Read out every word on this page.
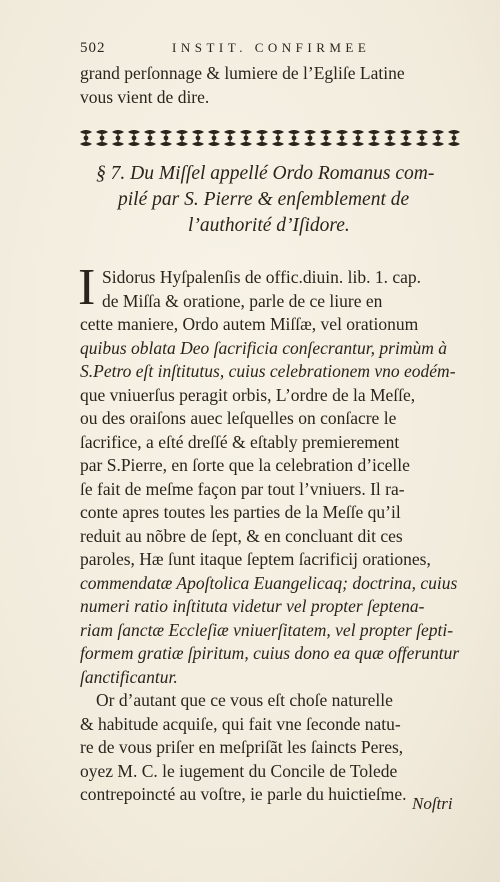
502	INSTIT. CONFIRMEE
grand perſonnage & lumiere de l’Egliſe Latine
vous vient de dire.
§ 7. Du Miſſel appellé Ordo Romanus com-
pilé par S. Pierre & enſemblement de
l’authorité d’Iſidore.
I Sidorus Hyſpalenſis de offic.diuin. lib. 1. cap.
de Miſſa & oratione, parle de ce liure en
cette maniere, Ordo autem Miſſæ, vel orationum
quibus oblata Deo ſacrificia conſecrantur, primùm à
S.Petro eſt inſtitutus, cuius celebrationem vno eodém-
que vniuerſus peragit orbis, L’ordre de la Meſſe,
ou des oraiſons auec leſquelles on conſacre le
ſacrifice, a eſté dreſſé & eſtably premierement
par S.Pierre, en ſorte que la celebration d’icelle
ſe fait de meſme façon par tout l’vniuers. Il ra-
conte apres toutes les parties de la Meſſe qu’il
reduit au nõbre de ſept, & en concluant dit ces
paroles, Hæ ſunt itaque ſeptem ſacrificij orationes,
commendatæ Apoſtolica Euangelicaq; doctrina, cuius
numeri ratio inſtituta videtur vel propter ſeptena-
riam ſanctæ Eccleſiæ vniuerſitatem, vel propter ſepti-
formem gratiæ ſpiritum, cuius dono ea quæ offeruntur
ſanctificantur.
Or d’autant que ce vous eſt choſe naturelle
& habitude acquiſe, qui fait vne ſeconde natu-
re de vous priſer en meſpriſãt les ſaincts Peres,
oyez M. C. le iugement du Concile de Tolede
contrepoincté au voſtre, ie parle du huictieſme. Noſtri
